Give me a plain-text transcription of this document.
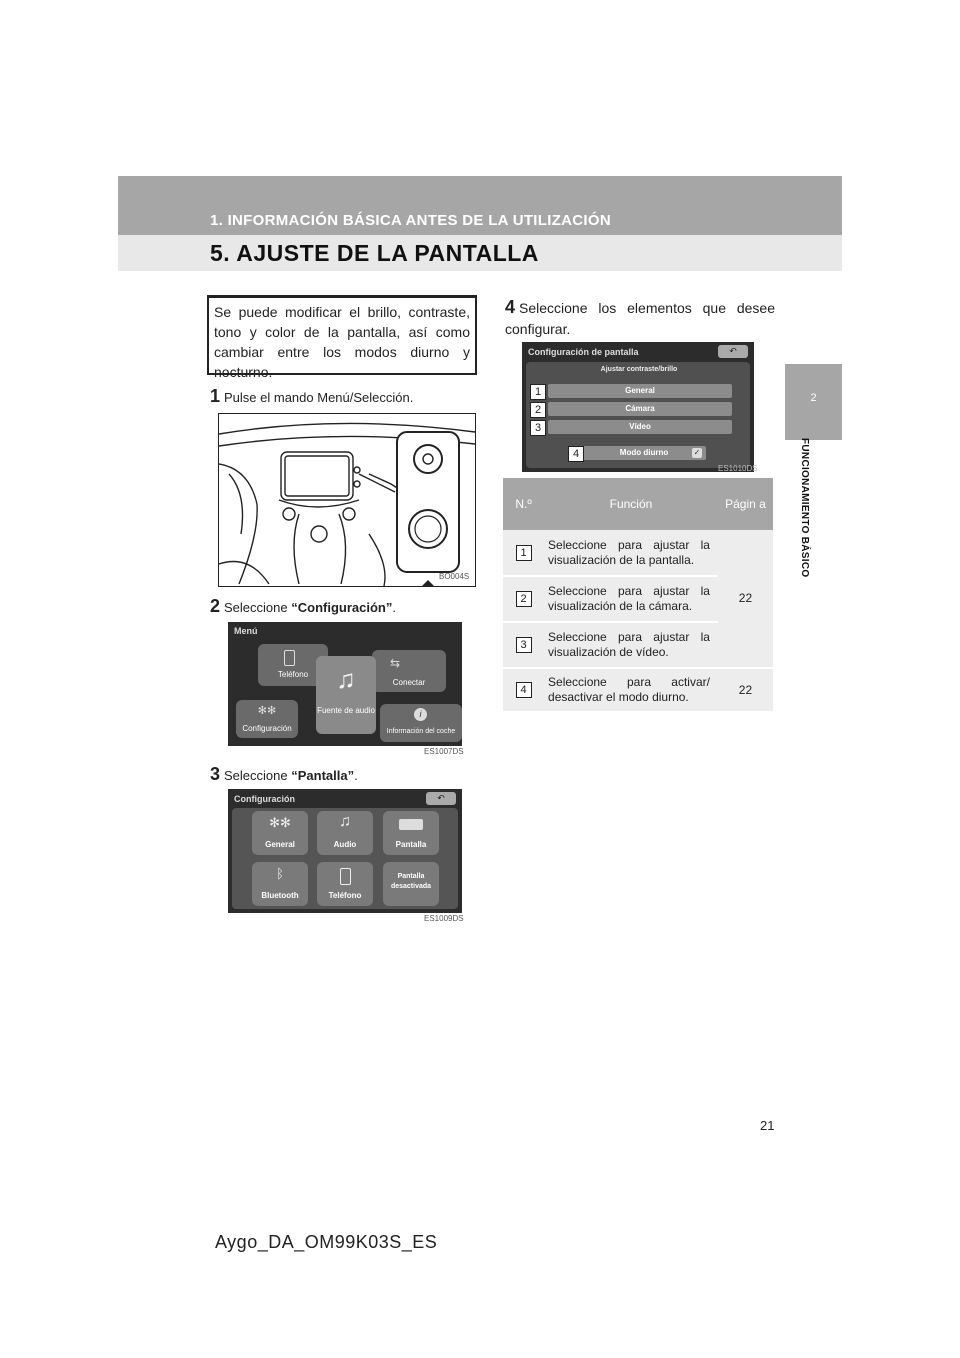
1. INFORMACIÓN BÁSICA ANTES DE LA UTILIZACIÓN
5. AJUSTE DE LA PANTALLA
2
FUNCIONAMIENTO BÁSICO
Se puede modificar el brillo, contraste, tono y color de la pantalla, así como cambiar entre los modos diurno y nocturno.
1 Pulse el mando Menú/Selección.
BO004S
2 Seleccione “Configuración”.
Menú
Teléfono
⇆
Conectar
♫
Fuente de audio
✻✻
Configuración
i
Información del coche
ES1007DS
3 Seleccione “Pantalla”.
Configuración	↶
✻✻
General
♫
Audio	Pantalla
ᛒ
Bluetooth	Teléfono
Pantalla desactivada
ES1009DS
4 Seleccione los elementos que desee configurar.
Configuración de pantalla	↶
Ajustar contraste/brillo
General
Cámara
Vídeo
Modo diurno	✓
1
2
3
4
ES1010DS
N.º	Función	Págin a
1	Seleccione para ajustar la visualización de la pantalla.	22
2	Seleccione para ajustar la visualización de la cámara.	
3	Seleccione para ajustar la visualización de vídeo.	
4	Seleccione para activar/ desactivar el modo diurno.	22
21
Aygo_DA_OM99K03S_ES
